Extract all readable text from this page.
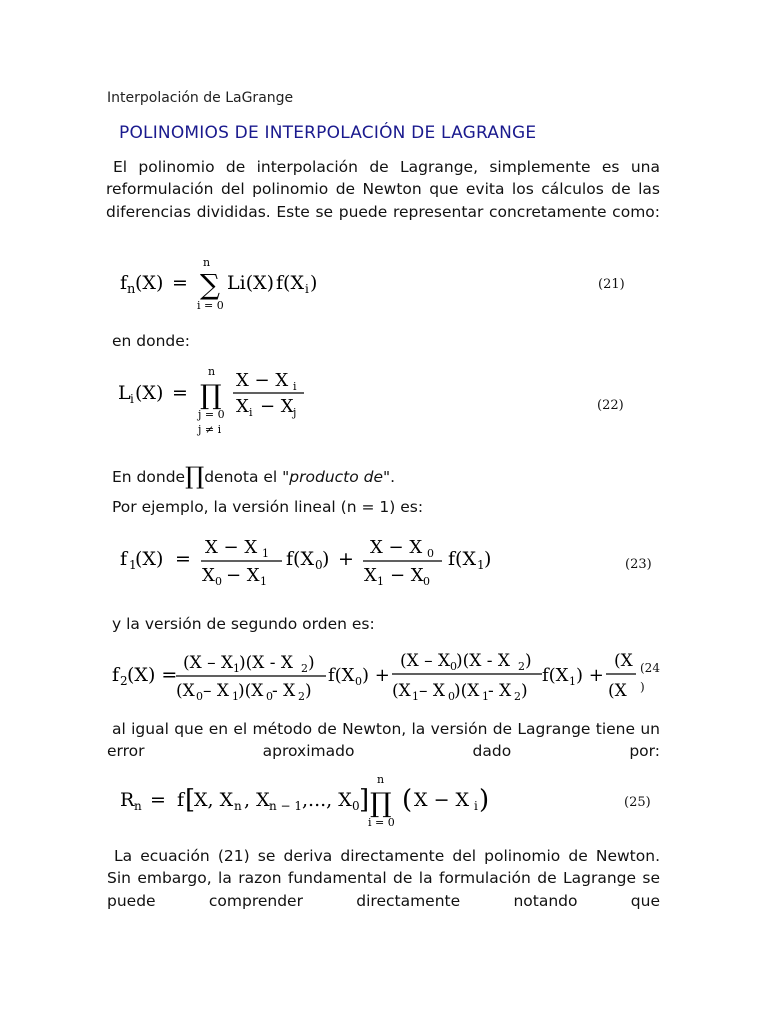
Interpolación de LaGrange
POLINOMIOS DE INTERPOLACIÓN DE LAGRANGE
El polinomio de interpolación de Lagrange, simplemente es una reformulación del polinomio de Newton que evita los cálculos de las diferencias divididas. Este se puede representar concretamente como:
f n (X) =
n
∑
i = 0
Li(X) f(X i )	(21)
en donde:
L i (X) =
n
∏
j = 0
j ≠ i
X − X i
X i − X j	(22)
En donde∏denota el "producto de".
Por ejemplo, la versión lineal (n = 1) es:
f 1
(X) =
X − X 1
X 0 − X 1
f(X 0 ) +
X − X 0
X 1 − X 0
f(X 1 )	(23)
y la versión de segundo orden es:
f 2 (X) =
(X – X 1 )(X - X 2 )
(X 0 – X 1 )(X 0 - X 2 )
f(X 0 ) +
(X – X 0 )(X - X 2 )
(X 1 – X 0 )(X 1 - X 2 )
f(X 1 ) +
(X
(X
(24
)
al igual que en el método de Newton, la versión de Lagrange tiene un error aproximado dado por:
R n = f [
X, X n , X n − 1 ,..., X 0 ]
n
∏
i = 0
( X − X i )	(25)
La ecuación (21) se deriva directamente del polinomio de Newton. Sin embargo, la razon fundamental de la formulación de Lagrange se puede comprender directamente notando que
